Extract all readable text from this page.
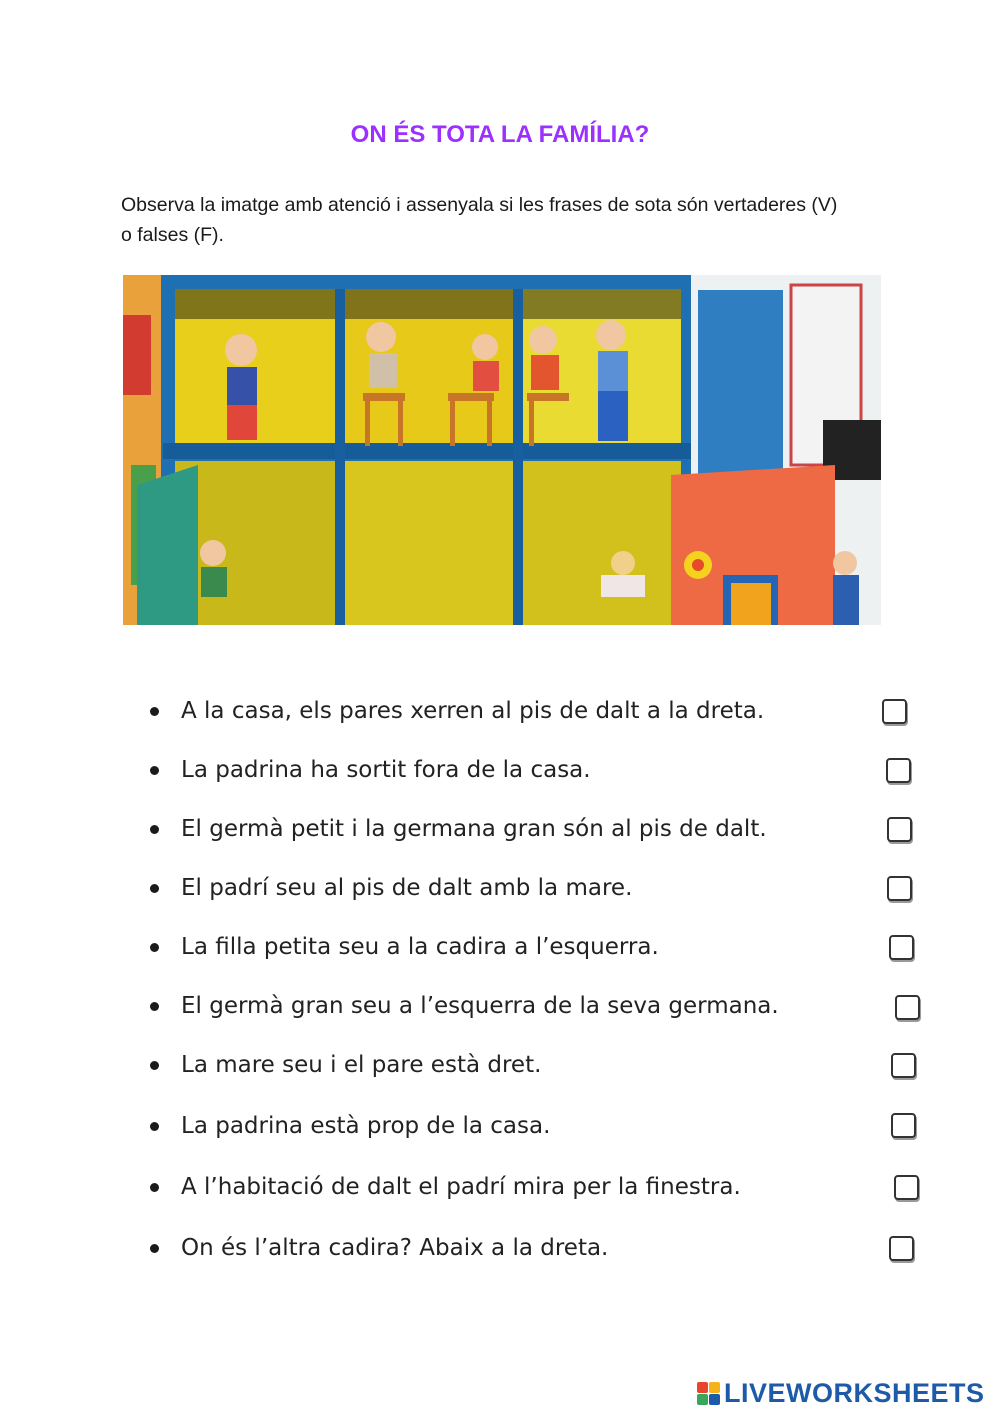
ON ÉS TOTA LA FAMÍLIA?
Observa la imatge amb atenció i assenyala si les frases de sota són vertaderes (V) o falses (F).
A la casa, els pares xerren al pis de dalt a la dreta.
La padrina ha sortit fora de la casa.
El germà petit i la germana gran són al pis de dalt.
El padrí seu al pis de dalt amb la mare.
La filla petita seu a la cadira a l’esquerra.
El germà gran seu a l’esquerra de la seva germana.
La mare seu i el pare està dret.
La padrina està prop de la casa.
A l’habitació de dalt el padrí mira per la finestra.
On és l’altra cadira? Abaix a la dreta.
LIVEWORKSHEETS
